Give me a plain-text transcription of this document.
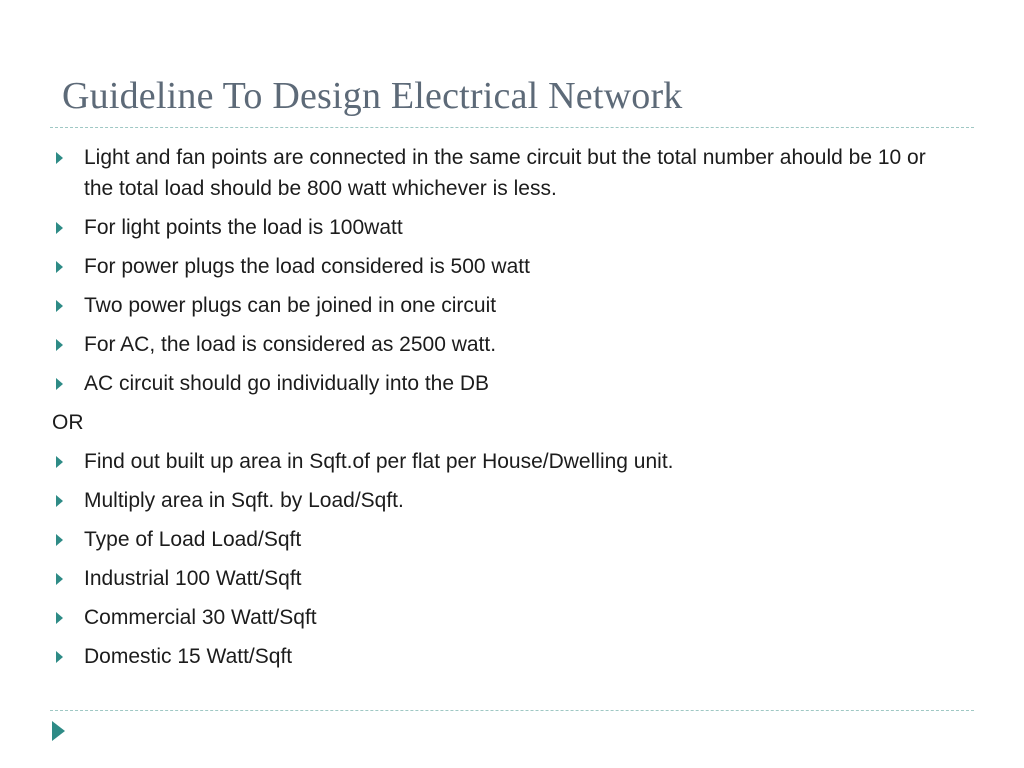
Guideline To Design Electrical Network
Light and fan points are connected in the same circuit but the total number ahould be 10 or the total load should be 800 watt whichever is less.
For light points the load is 100watt
For power plugs the load considered is 500 watt
Two power plugs can be joined in one circuit
For AC, the load is considered as 2500 watt.
AC circuit should go individually into the DB
OR
Find out built up area in Sqft.of per flat per House/Dwelling unit.
Multiply area in Sqft. by Load/Sqft.
Type of Load Load/Sqft
Industrial 100 Watt/Sqft
Commercial 30 Watt/Sqft
Domestic 15 Watt/Sqft
